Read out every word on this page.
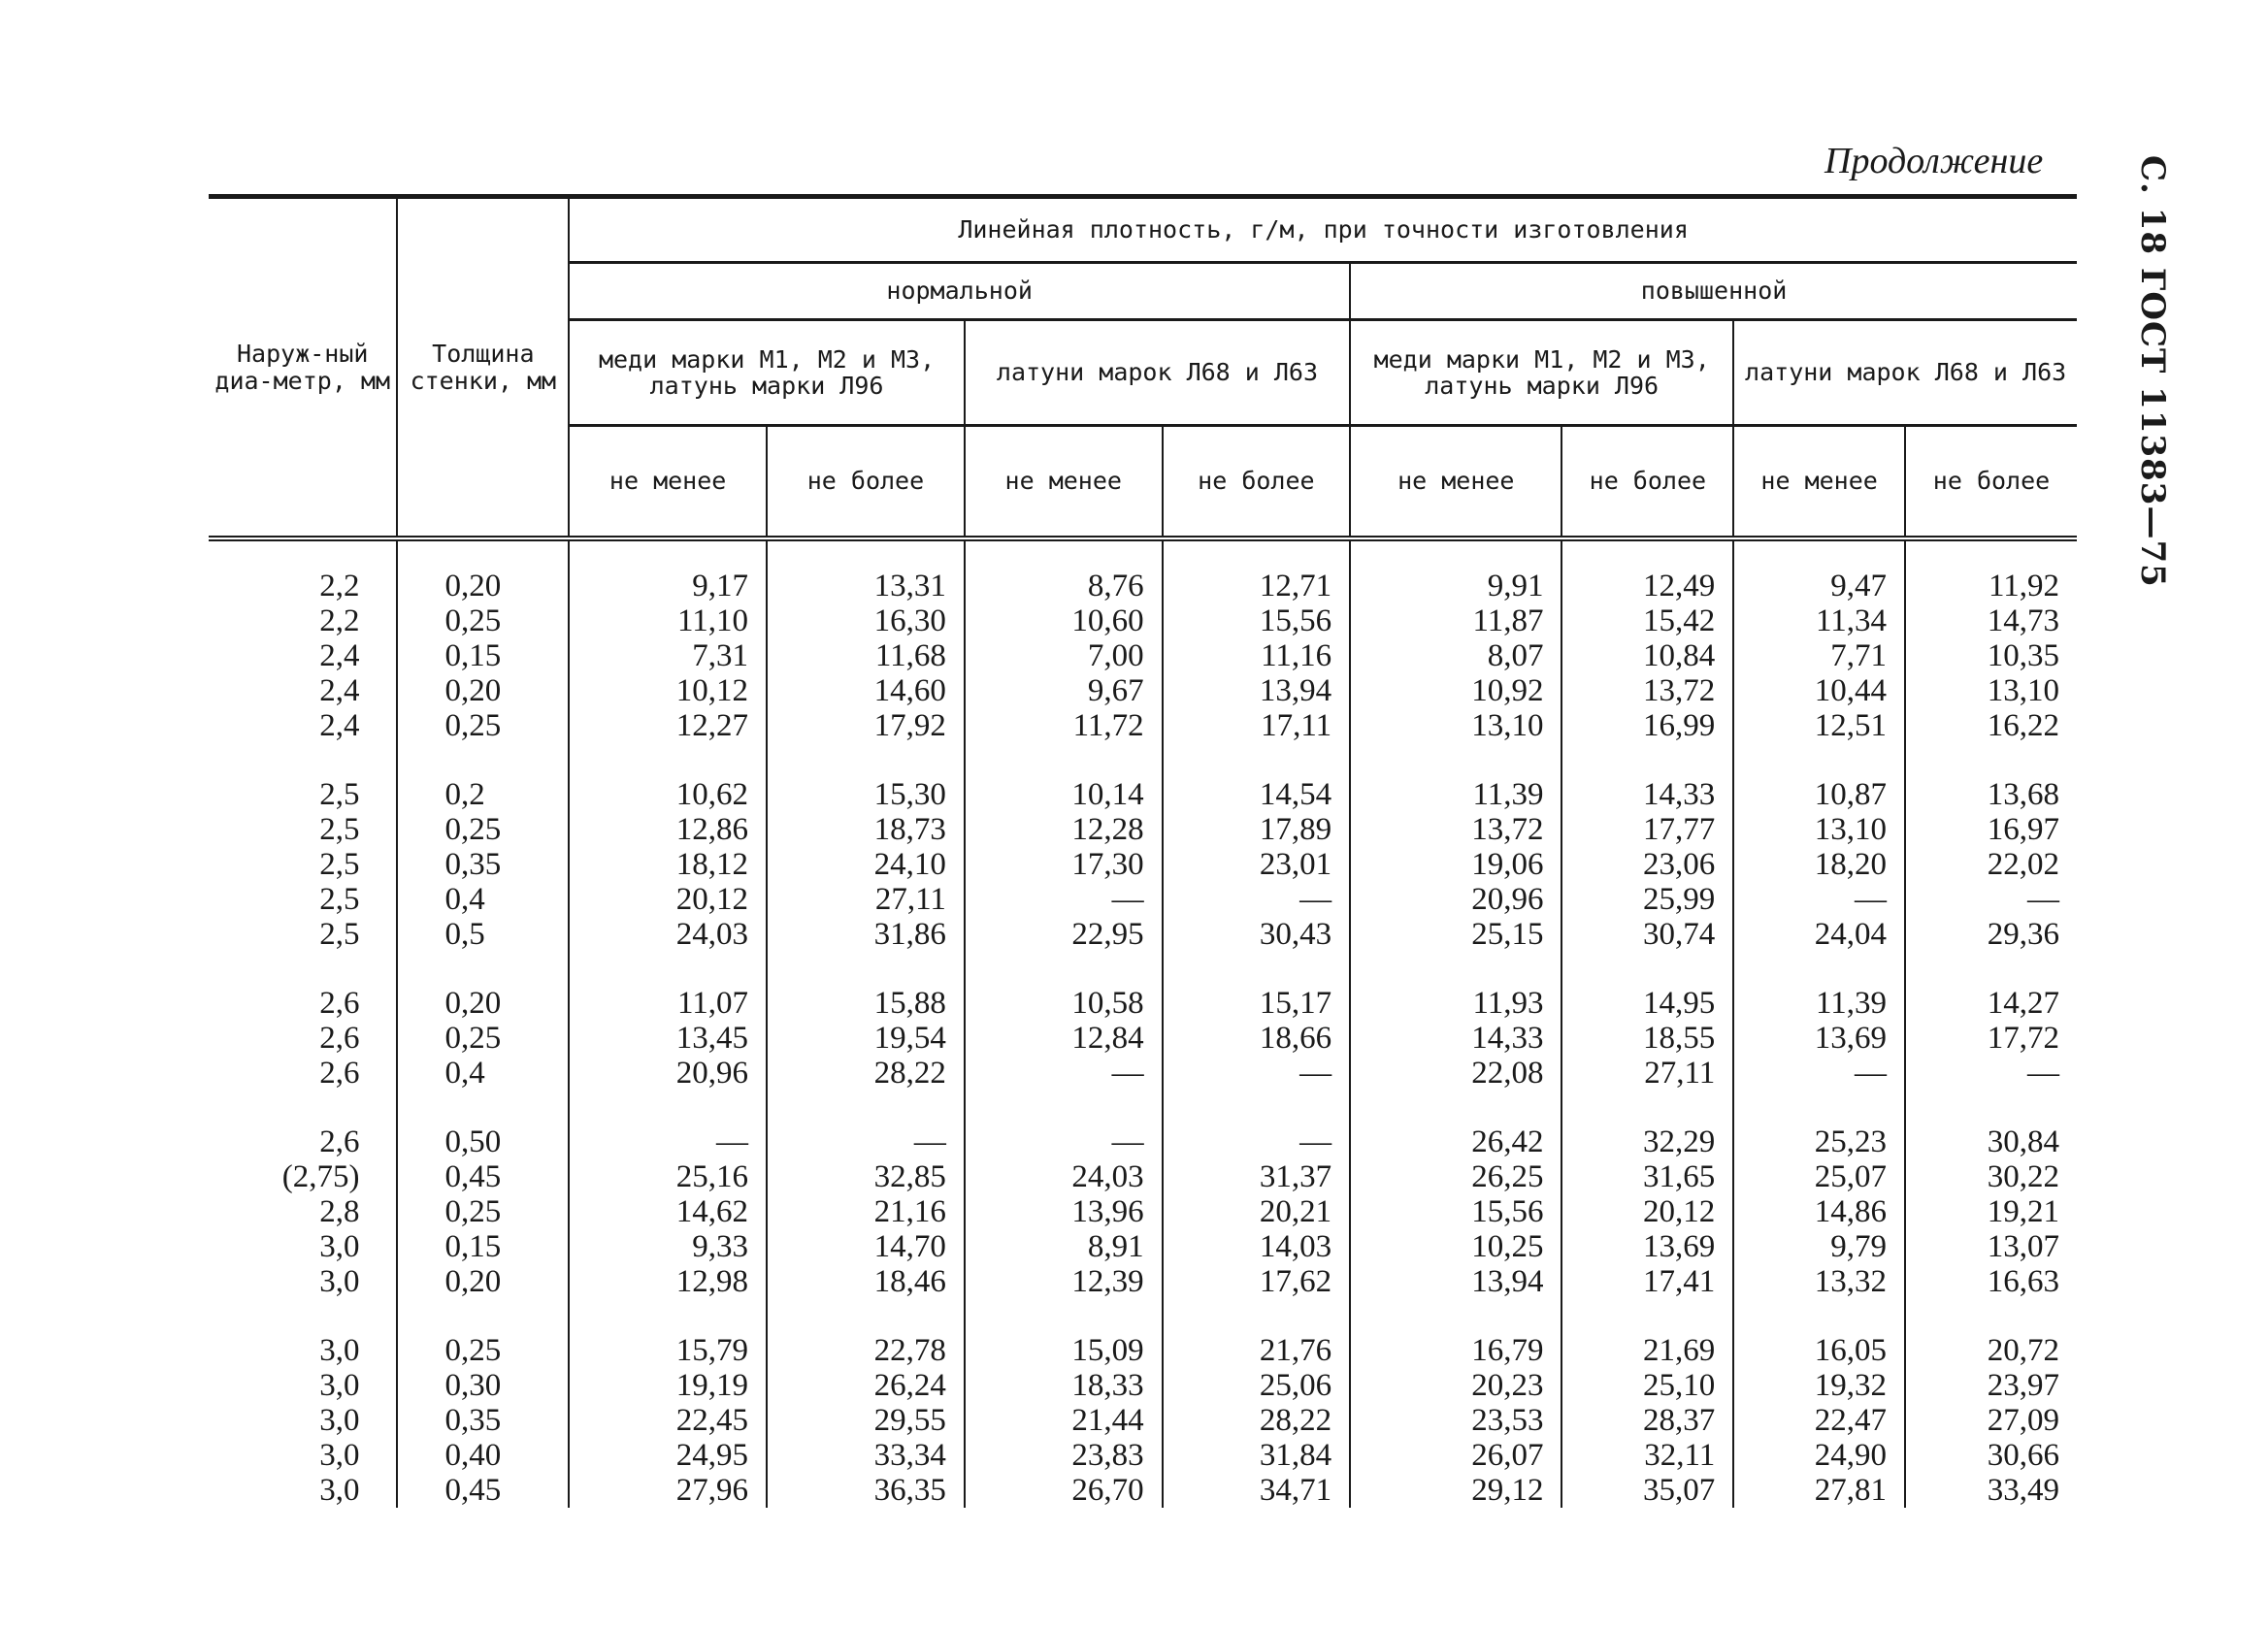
С. 18 ГОСТ 11383—75
Продолжение
Наруж-ный диа-метр, мм	Толщина стенки, мм	Линейная плотность, г/м, при точности изготовления							
		нормальной				повышенной			
		меди марки М1, М2 и М3, латунь марки Л96		латуни марок Л68 и Л63		меди марки М1, М2 и М3, латунь марки Л96		латуни марок Л68 и Л63	
		не менее	не более	не менее	не более	не менее	не более	не менее	не более
2,2	0,20	9,17	13,31	8,76	12,71	9,91	12,49	9,47	11,92
2,2	0,25	11,10	16,30	10,60	15,56	11,87	15,42	11,34	14,73
2,4	0,15	7,31	11,68	7,00	11,16	8,07	10,84	7,71	10,35
2,4	0,20	10,12	14,60	9,67	13,94	10,92	13,72	10,44	13,10
2,4	0,25	12,27	17,92	11,72	17,11	13,10	16,99	12,51	16,22

2,5	0,2	10,62	15,30	10,14	14,54	11,39	14,33	10,87	13,68
2,5	0,25	12,86	18,73	12,28	17,89	13,72	17,77	13,10	16,97
2,5	0,35	18,12	24,10	17,30	23,01	19,06	23,06	18,20	22,02
2,5	0,4	20,12	27,11	—	—	20,96	25,99	—	—
2,5	0,5	24,03	31,86	22,95	30,43	25,15	30,74	24,04	29,36

2,6	0,20	11,07	15,88	10,58	15,17	11,93	14,95	11,39	14,27
2,6	0,25	13,45	19,54	12,84	18,66	14,33	18,55	13,69	17,72
2,6	0,4	20,96	28,22	—	—	22,08	27,11	—	—

2,6	0,50	—	—	—	—	26,42	32,29	25,23	30,84
(2,75)	0,45	25,16	32,85	24,03	31,37	26,25	31,65	25,07	30,22
2,8	0,25	14,62	21,16	13,96	20,21	15,56	20,12	14,86	19,21
3,0	0,15	9,33	14,70	8,91	14,03	10,25	13,69	9,79	13,07
3,0	0,20	12,98	18,46	12,39	17,62	13,94	17,41	13,32	16,63

3,0	0,25	15,79	22,78	15,09	21,76	16,79	21,69	16,05	20,72
3,0	0,30	19,19	26,24	18,33	25,06	20,23	25,10	19,32	23,97
3,0	0,35	22,45	29,55	21,44	28,22	23,53	28,37	22,47	27,09
3,0	0,40	24,95	33,34	23,83	31,84	26,07	32,11	24,90	30,66
3,0	0,45	27,96	36,35	26,70	34,71	29,12	35,07	27,81	33,49
